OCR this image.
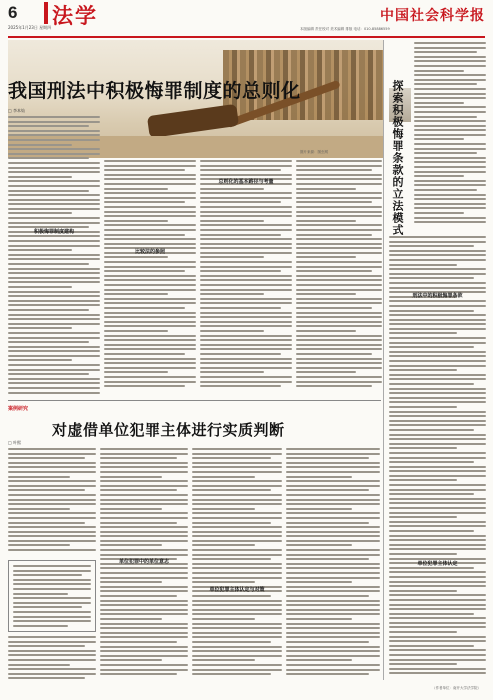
6
2025年1月23日 星期四 法学	中国社会科学报
本版编辑 责任校对 美术编辑 排版 电话：010-85886559
我国刑法中积极悔罪制度的总则化
□ 李本灿
图片来源：图虫网	探索积极悔罪条款的立法模式
刑法中的积极悔罪条款
单位犯罪主体认定
积极悔罪制度建构
比较法的参照
总则化的基本路径与考量
案例研究
对虚借单位犯罪主体进行实质判断
□ 叶熙
单位犯罪中的单位意志
单位犯罪主体认定与对策
（作者单位：南开大学法学院）
